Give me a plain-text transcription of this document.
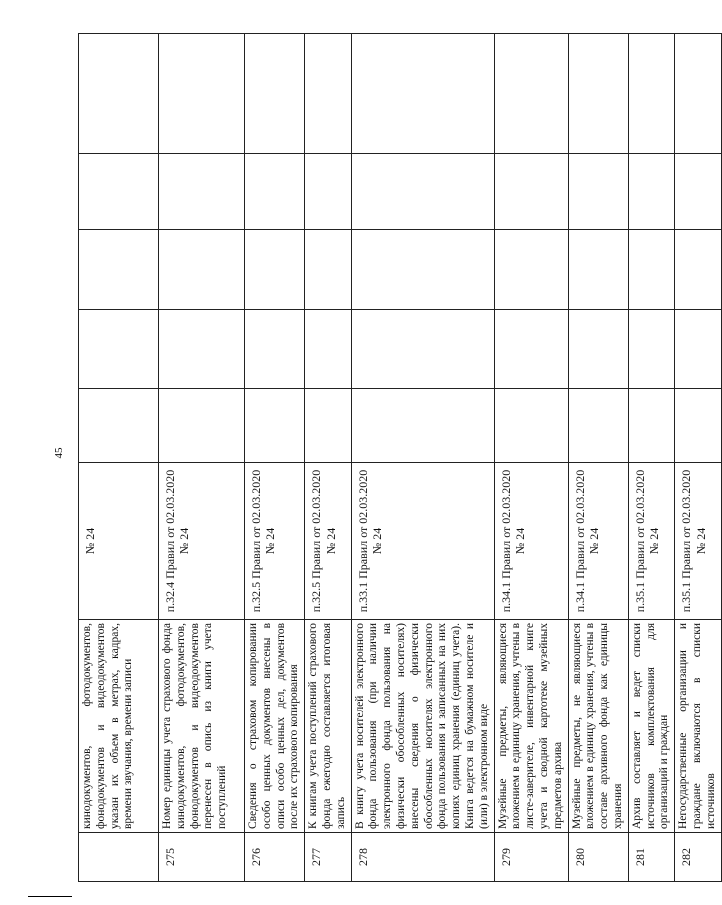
45
	кинодокументов, фотодокументов, фонодокументов и видеодокументов указан их объем в метрах, кадрах, времени звучания, времени записи	№ 24					
275	Номер единицы учета страхового фонда кинодокументов, фотодокументов, фонодокументов и видеодокументов перенесен в опись из книги учета поступлений	п.32.4 Правил от 02.03.2020 № 24					
276	Сведения о страховом копировании особо ценных документов внесены в описи особо ценных дел, документов после их страхового копирования	п.32.5 Правил от 02.03.2020 № 24					
277	К книгам учета поступлений страхового фонда ежегодно составляется итоговая запись	п.32.5 Правил от 02.03.2020 № 24					
278	В книгу учета носителей электронного фонда пользования (при наличии электронного фонда пользования на физически обособленных носителях) внесены сведения о физически обособленных носителях электронного фонда пользования и записанных на них копиях единиц хранения (единиц учета). Книга ведется на бумажном носителе и (или) в электронном виде	п.33.1 Правил от 02.03.2020 № 24					
279	Музейные предметы, являющиеся вложением в единицу хранения, учтены в листе-заверителе, инвентарной книге учета и сводной картотеке музейных предметов архива	п.34.1 Правил от 02.03.2020 № 24					
280	Музейные предметы, не являющиеся вложением в единицу хранения, учтены в составе архивного фонда как единицы хранения	п.34.1 Правил от 02.03.2020 № 24					
281	Архив составляет и ведет списки источников комплектования для организаций и граждан	п.35.1 Правил от 02.03.2020 № 24					
282	Негосударственные организации и граждане включаются в списки источников	п.35.1 Правил от 02.03.2020 № 24					
